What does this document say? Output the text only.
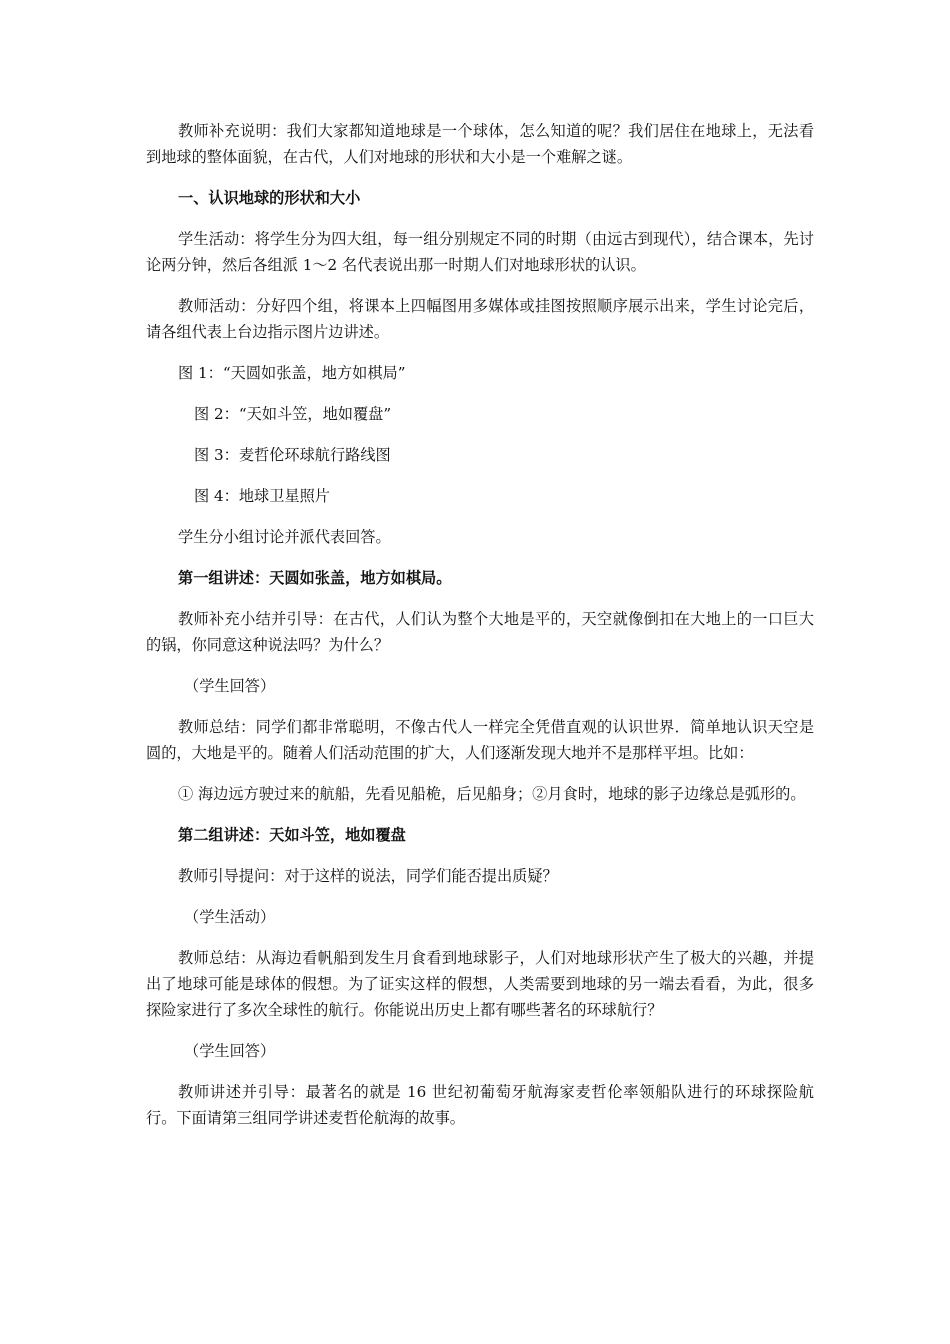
教师补充说明：我们大家都知道地球是一个球体，怎么知道的呢？我们居住在地球上，无法看到地球的整体面貌，在古代，人们对地球的形状和大小是一个难解之谜。

一、认识地球的形状和大小

学生活动：将学生分为四大组，每一组分别规定不同的时期（由远古到现代），结合课本，先讨论两分钟，然后各组派 1～2 名代表说出那一时期人们对地球形状的认识。

教师活动：分好四个组，将课本上四幅图用多媒体或挂图按照顺序展示出来，学生讨论完后，请各组代表上台边指示图片边讲述。

图 1：“天圆如张盖，地方如棋局”

图 2：“天如斗笠，地如覆盘”

图 3：麦哲伦环球航行路线图

图 4：地球卫星照片

学生分小组讨论并派代表回答。

第一组讲述：天圆如张盖，地方如棋局。

教师补充小结并引导：在古代，人们认为整个大地是平的，天空就像倒扣在大地上的一口巨大的锅，你同意这种说法吗？为什么？

（学生回答）

教师总结：同学们都非常聪明，不像古代人一样完全凭借直观的认识世界．简单地认识天空是圆的，大地是平的。随着人们活动范围的扩大，人们逐渐发现大地并不是那样平坦。比如：

① 海边远方驶过来的航船，先看见船桅，后见船身；②月食时，地球的影子边缘总是弧形的。

第二组讲述：天如斗笠，地如覆盘

教师引导提问：对于这样的说法，同学们能否提出质疑？

（学生活动）

教师总结：从海边看帆船到发生月食看到地球影子，人们对地球形状产生了极大的兴趣，并提出了地球可能是球体的假想。为了证实这样的假想，人类需要到地球的另一端去看看，为此，很多探险家进行了多次全球性的航行。你能说出历史上都有哪些著名的环球航行？

（学生回答）

教师讲述并引导：最著名的就是 16 世纪初葡萄牙航海家麦哲伦率领船队进行的环球探险航行。下面请第三组同学讲述麦哲伦航海的故事。
